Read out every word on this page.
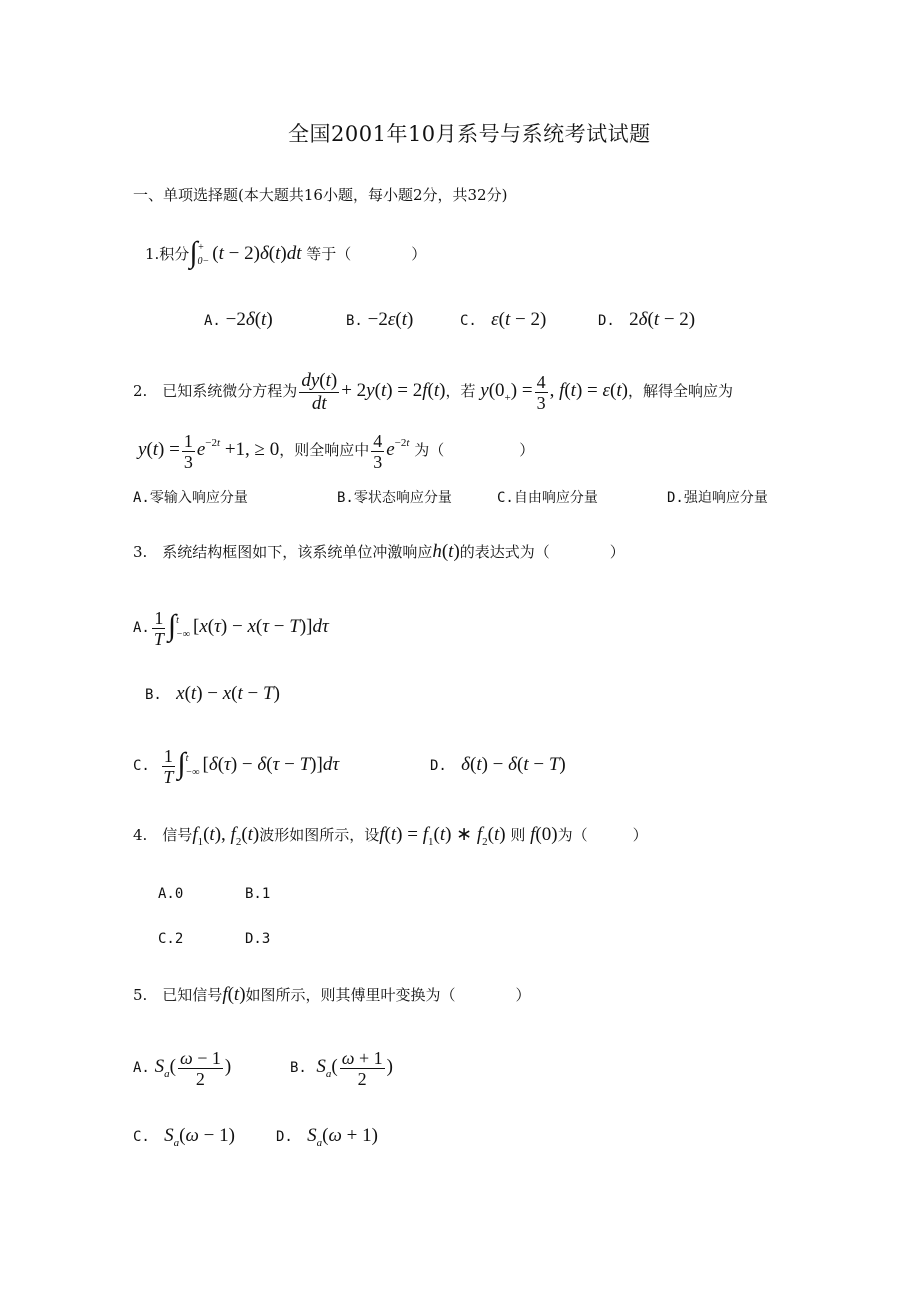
全国2001年10月系号与系统考试试题
一、单项选择题(本大题共16小题，每小题2分，共32分)
1.积分∫ +
0− (t − 2)δ(t)dt 等于（　　　　）
A. −2δ(t)	B. −2ε(t)	C. ε(t − 2)	D.   2δ(t − 2)
2.　已知系统微分方程为 $\frac{dy(t)}{dt} + 2y(t) = 2f(t)$，若 $y(0_+) = \frac{4}{3}$ , f(t) = ε(t)，解得全响应为
$y(t) = \frac{1}{3} e^{-2t} +1$, ≥ 0，则全响应中 $\frac{4}{3} e^{-2t}$ 为（　　　　　）
A.零输入响应分量	B.零状态响应分量	C.自由响应分量	D.强迫响应分量
3.　系统结构框图如下，该系统单位冲激响应h(t)的表达式为（　　　　）
A. $\frac{1}{T}$ ∫ t
−∞ [x(τ) − x(τ − T)]dτ
B. x(t) − x(t − T)
C. $\frac{1}{T}$ ∫ t
−∞ [δ(τ) − δ(τ − T)]dτ	D. δ(t) − δ(t − T)
4.　信号$f_1(t)$, $f_2(t)$波形如图所示，设$f(t) = f_1(t)$ ∗ $f_2(t)$ 则 f(0)为（　　　）
A.0	B.1
C.2	D.3
5.　已知信号f(t)如图所示，则其傅里叶变换为（　　　　）
A. $S_a( \frac{\omega - 1}{2}$ )	B. $S_a( \frac{\omega + 1}{2}$ )
C. $S_a(\omega - 1)$	D. $S_a(\omega + 1)$
